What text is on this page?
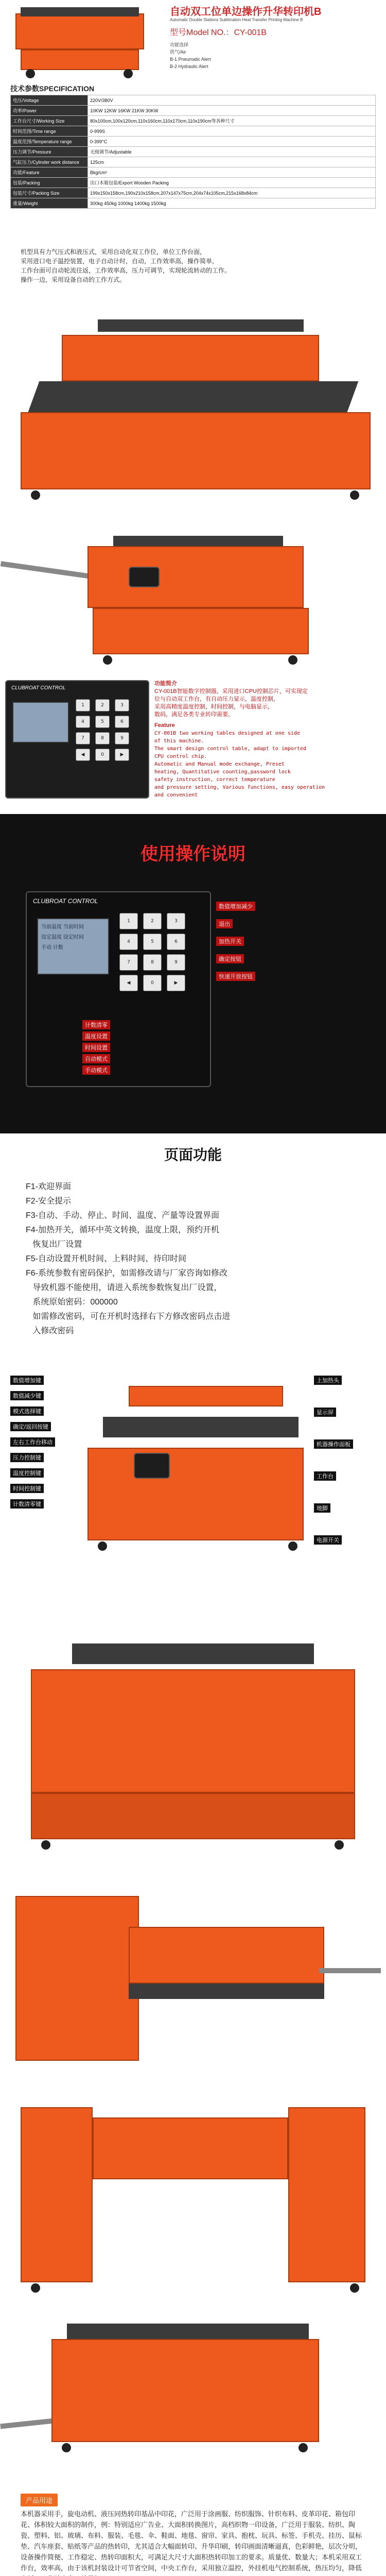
自动双工位单边操作升华转印机B
Automatic Double Stations Sublimation Heat Transfer Printing Machine B
型号Model NO.：CY-001B
功能选择
供气/Air
B-1 Pneumatic Alert
B-2 Hydraulic Alert
技术参数SPECIFICATION
电压/Voltage	220V/380V
功率/Power	10KW 12KW 16KW 21KW 30KW
工作台尺寸/Working Size	80x100cm,100x120cm,110x160cm,110x170cm,110x190cm等各种尺寸
时间范围/Time range	0-999S
温度范围/Temperature range	0-399°C
压力调节/Pressure	无级调节/Adjustable
气缸压力/Cylinder work distance	125cm
功能/Feature	Bkg/cm²
包装/Packing	出口木箱包装/Export Wooden Packing
包装尺寸/Packing Size	199x150x158cm,190x210x158cm,207x147x75cm,204x74x105cm,215x168x84cm
重量/Weight	300kg 450kg 1000kg 1400kg 1500kg
机型具有力气压式和液压式，采用自动化双工作位，单位工作台面，
采用进口电子温控装置，电子自动计时，自动，工作效率高，操作简单，
工作台面可自动轮流往返，工作效率高，压力可调节，实现轮流转动的工作。
操作一边，采用设备自动的工作方式。
CLUBROAT CONTROL
1	2	3
4	5	6
7	8	9
◀	0	▶
功能简介
CY-001B智能数字控制器，采用进口CPU控制芯片，可实现定
位与自动双工作台，有自动压力显示，温度控制，
采用高精度温度控制，时间控制，与电脑显示，
数码，满足各类专业转印需要。
Feature
CY-001B two working tables designed at one side
of this machine.
The smart design control table, adapt to imported
CPU control chip.
Automatic and Manual mode exchange, Preset
heating, Quantitative counting,password lock
safety instruction, correct temperature
and pressure setting, Various functions, easy operation
and convenient
使用操作说明
CLUBROAT CONTROL
当前温度 当前时间
设定温度 设定时间
手动 计数
1	2	3
4	5	6
7	8	9
◀	0	▶
数值增加减少
退出
加热开关
确定按钮
快速开放按钮
计数清零
温度设置
时间设置
自动模式
手动模式
页面功能
F1-欢迎界面
F2-安全提示
F3-自动、手动、停止、时间、温度、产量等设置界面
F4-加热开关，循环中英文转换，温度上限，预约开机
恢复出厂设置
F5-自动设置开机时间、上料时间、待印时间
F6-系统参数有密码保护，如需修改请与厂家咨询如修改
导致机器不能使用，请进入系统参数恢复出厂设置，
系统原始密码：000000
如需修改密码，可在开机时选择右下方修改密码点击进
入修改密码
数值增加键
数值减少键
模式选择键
确定/返回按键
左右工作台移动
压力控制键
温度控制键
时间控制键
计数清零键
上加热头
显示屏
机器操作面板
工作台
地脚
电源开关
产品用途
本机器采用手，旋电动机、液压同热转印基品中印花，广泛用于涂画服、纺织服饰、针织布料、皮革印花、箱包印花、体积较大面积的制作，例：特别适应广告业、大面积转换图片，高档织物一印设备，广泛用于服装、纺织、陶瓷、塑料、铝、玻璃、布料、服装、毛毯、伞、鞋面、地毯、窗帘、家具、抱枕、玩具、标签、手机壳、挂历、鼠标垫、汽车座套、贴纸等产品的热转印，尤其适合大幅面转印、升华印刷，转印画面清晰逼真，色彩鲜艳，层次分明，设备操作简便、工作稳定、热转印面积大，可满足大尺寸大面积热转印加工的要求。质量优、数量大；本机采用双工作台，效率高，由于该机封装设计可节省空间，中央工作台，采用独立温控，外挂机电气控制系统，热压均匀，降低
